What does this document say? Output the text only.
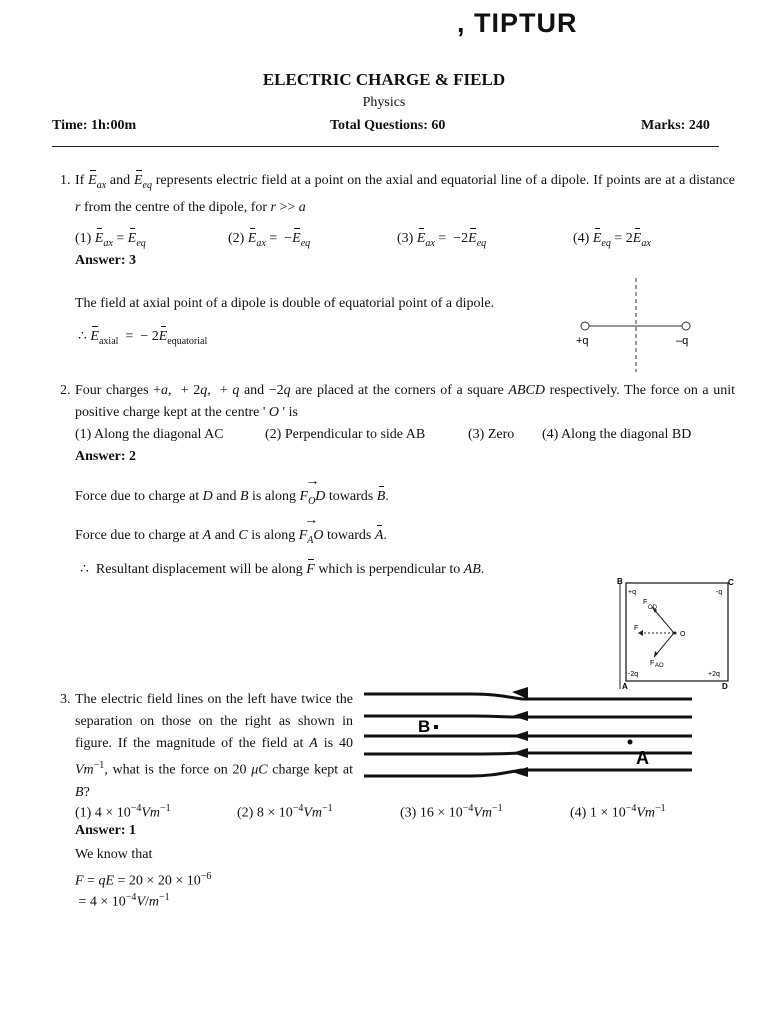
, TIPTUR
ELECTRIC CHARGE & FIELD
Physics
Time: 1h:00m	Total Questions: 60	Marks: 240
1. If $E_{ax}$ and $E_{eq}$ represents electric field at a point on the axial and equatorial line of a dipole. If points are at a distance r from the centre of the dipole, for r >> a
(1) $E_{ax} = E_{eq}$	(2) $E_{ax} = -E_{eq}$	(3) $E_{ax} = -2E_{eq}$	(4) $E_{eq} = 2E_{ax}$
Answer: 3
The field at axial point of a dipole is double of equatorial point of a dipole.
∴ $E_{axial}$  =  − $2E_{equatorial}$	+q	–q
2. Four charges +a,  + 2q,  + q and −2q are placed at the corners of a square ABCD respectively. The force on a unit positive charge kept at the centre ' O ' is
(1) Along the diagonal AC	(2) Perpendicular to side AB	(3) Zero (4) Along the diagonal BD
Answer: 2
Force due to charge at D and B is along → $F_OD$ towards B.
Force due to charge at A and C is along → $F_AO$ towards A.
∴  Resultant displacement will be along F which is perpendicular to AB.
B	C
A	D
+q	-q
-2q	+2q
F
OD
F
F AO
O
3. The electric field lines on the left have twice the separation on those on the right as shown in figure. If the magnitude of the field at A is 40 $Vm^{-1}$, what is the force on 20 μC charge kept at B?
B
A
(1) $4 \times 10^{-4}Vm^{-1}$	(2) $8 \times 10^{-4}Vm^{-1}$	(3) $16 \times 10^{-4}Vm^{-1}$	(4) $1 \times 10^{-4}Vm^{-1}$
Answer: 1
We know that
F = qE = $20 \times 20 \times 10^{-6}$
= $4 \times 10^{-4}V/m^{-1}$
